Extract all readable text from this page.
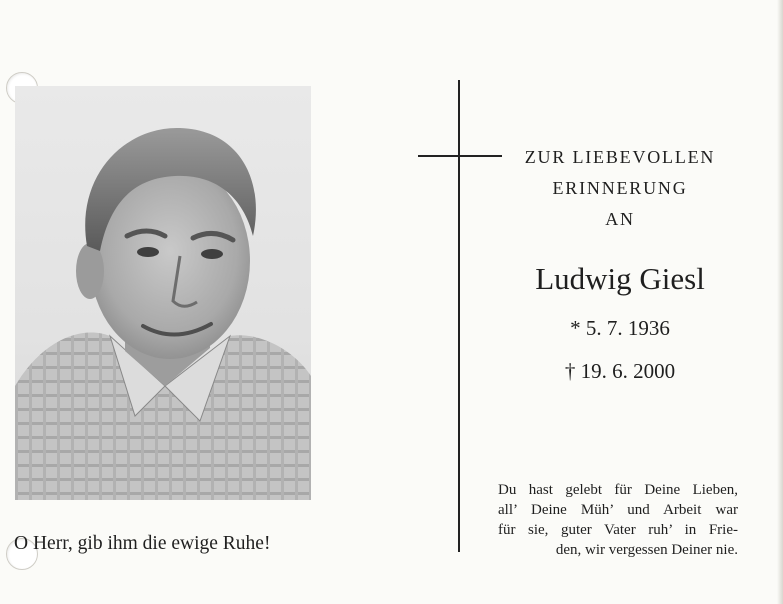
O Herr, gib ihm die ewige Ruhe!
ZUR LIEBEVOLLEN
ERINNERUNG
AN
Ludwig Giesl
* 5. 7. 1936
† 19. 6. 2000
Du hast gelebt für Deine Lieben,
all’ Deine Müh’ und Arbeit war
für sie, guter Vater ruh’ in Frie-
den, wir vergessen Deiner nie.
